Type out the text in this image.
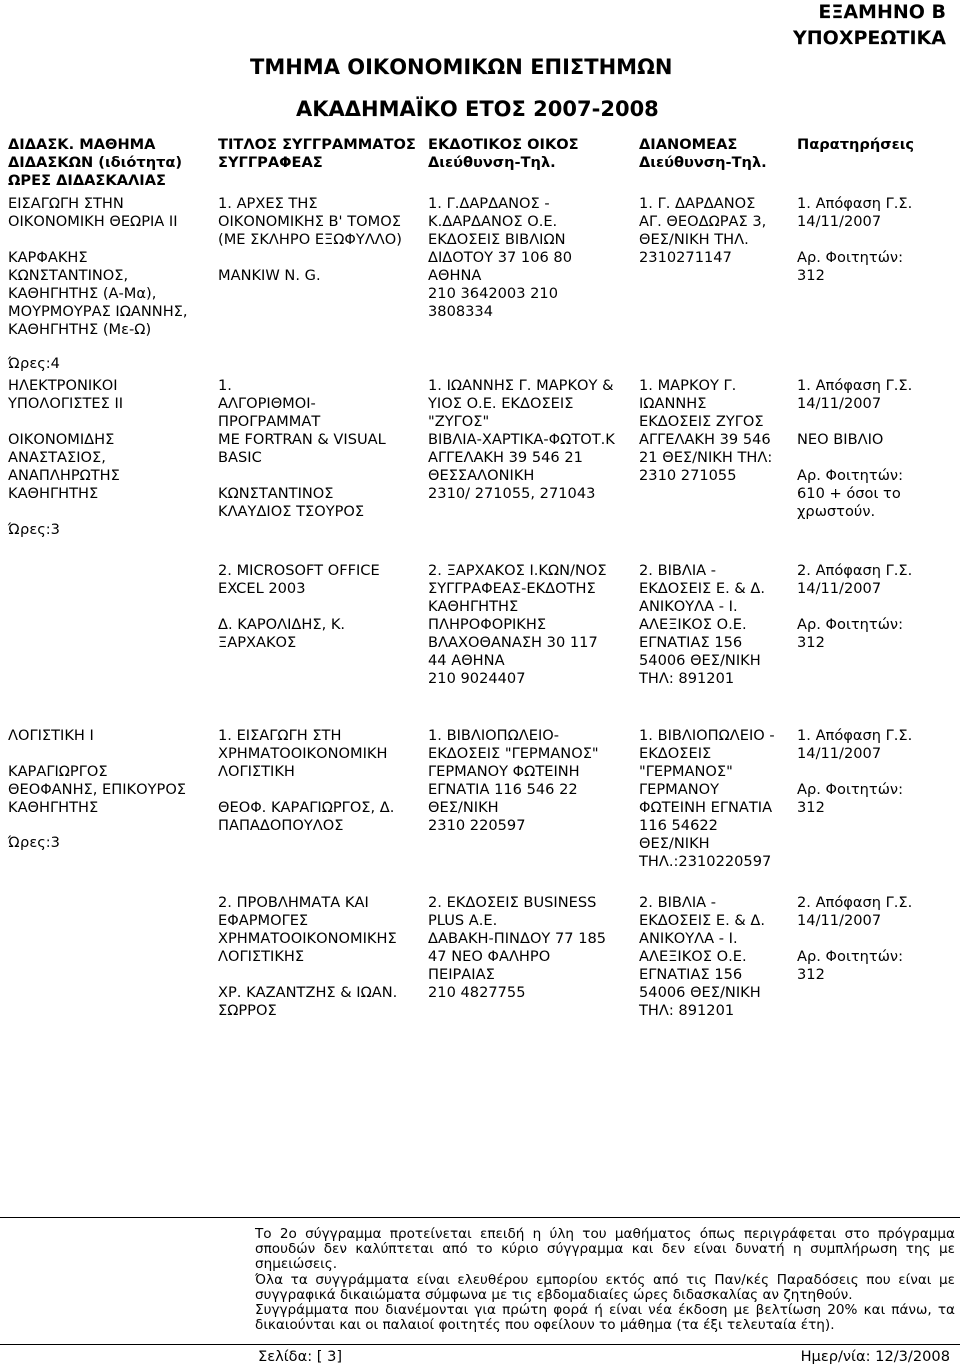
ΕΞΑΜΗΝΟ Β
ΥΠΟΧΡΕΩΤΙΚΑ
ΤΜΗΜΑ ΟΙΚΟΝΟΜΙΚΩΝ ΕΠΙΣΤΗΜΩΝ
ΑΚΑΔΗΜΑΪΚΟ ΕΤΟΣ 2007-2008
ΔΙΔΑΣΚ. ΜΑΘΗΜΑ
ΔΙΔΑΣΚΩΝ (ιδιότητα)
ΩΡΕΣ ΔΙΔΑΣΚΑΛΙΑΣ
ΤΙΤΛΟΣ ΣΥΓΓΡΑΜΜΑΤΟΣ
ΣΥΓΓΡΑΦΕΑΣ
ΕΚΔΟΤΙΚΟΣ ΟΙΚΟΣ
Διεύθυνση-Τηλ.
ΔΙΑΝΟΜΕΑΣ
Διεύθυνση-Τηλ.
Παρατηρήσεις
ΕΙΣΑΓΩΓΗ ΣΤΗΝ
ΟΙΚΟΝΟΜΙΚΗ ΘΕΩΡΙΑ ΙΙ

ΚΑΡΦΑΚΗΣ
ΚΩΝΣΤΑΝΤΙΝΟΣ,
ΚΑΘΗΓΗΤΗΣ (Α-Μα),
ΜΟΥΡΜΟΥΡΑΣ ΙΩΑΝΝΗΣ,
ΚΑΘΗΓΗΤΗΣ (Με-Ω)
Ώρες:4
1. ΑΡΧΕΣ ΤΗΣ
ΟΙΚΟΝΟΜΙΚΗΣ Β' ΤΟΜΟΣ
(ΜΕ ΣΚΛΗΡΟ ΕΞΩΦΥΛΛΟ)

MANKIW N. G.
1. Γ.ΔΑΡΔΑΝΟΣ -
Κ.ΔΑΡΔΑΝΟΣ Ο.Ε.
ΕΚΔΟΣΕΙΣ ΒΙΒΛΙΩΝ
ΔΙΔΟΤΟΥ 37 106 80
ΑΘΗΝΑ
210 3642003 210
3808334
1. Γ. ΔΑΡΔΑΝΟΣ
ΑΓ. ΘΕΟΔΩΡΑΣ 3,
ΘΕΣ/ΝΙΚΗ ΤΗΛ.
2310271147
1. Απόφαση Γ.Σ.
14/11/2007

Αρ. Φοιτητών:
312
ΗΛΕΚΤΡΟΝΙΚΟΙ
ΥΠΟΛΟΓΙΣΤΕΣ ΙΙ

ΟΙΚΟΝΟΜΙΔΗΣ
ΑΝΑΣΤΑΣΙΟΣ,
ΑΝΑΠΛΗΡΩΤΗΣ
ΚΑΘΗΓΗΤΗΣ
Ώρες:3
1.
ΑΛΓΟΡΙΘΜΟΙ-ΠΡΟΓΡΑΜΜΑΤ
ΜΕ FORTRAN & VISUAL
BASIC

ΚΩΝΣΤΑΝΤΙΝΟΣ
ΚΛΑΥΔΙΟΣ ΤΣΟΥΡΟΣ
1. ΙΩΑΝΝΗΣ Γ. ΜΑΡΚΟΥ &
ΥΙΟΣ Ο.Ε. ΕΚΔΟΣΕΙΣ
"ΖΥΓΟΣ"
ΒΙΒΛΙΑ-ΧΑΡΤΙΚΑ-ΦΩΤΟΤ.Κ
ΑΓΓΕΛΑΚΗ 39 546 21
ΘΕΣΣΑΛΟΝΙΚΗ
2310/ 271055, 271043
1. ΜΑΡΚΟΥ Γ.
ΙΩΑΝΝΗΣ
ΕΚΔΟΣΕΙΣ ΖΥΓΟΣ
ΑΓΓΕΛΑΚΗ 39 546
21 ΘΕΣ/ΝΙΚΗ ΤΗΛ:
2310 271055
1. Απόφαση Γ.Σ.
14/11/2007

ΝΕΟ ΒΙΒΛΙΟ

Αρ. Φοιτητών:
610 + όσοι το
χρωστούν.
2. MICROSOFT OFFICE
EXCEL 2003

Δ. ΚΑΡΟΛΙΔΗΣ, Κ.
ΞΑΡΧΑΚΟΣ
2. ΞΑΡΧΑΚΟΣ Ι.ΚΩΝ/ΝΟΣ
ΣΥΓΓΡΑΦΕΑΣ-ΕΚΔΟΤΗΣ
ΚΑΘΗΓΗΤΗΣ
ΠΛΗΡΟΦΟΡΙΚΗΣ
ΒΛΑΧΟΘΑΝΑΣΗ 30 117
44 ΑΘΗΝΑ
210 9024407
2. ΒΙΒΛΙΑ -
ΕΚΔΟΣΕΙΣ Ε. & Δ.
ΑΝΙΚΟΥΛΑ - Ι.
ΑΛΕΞΙΚΟΣ Ο.Ε.
ΕΓΝΑΤΙΑΣ 156
54006 ΘΕΣ/ΝΙΚΗ
ΤΗΛ: 891201
2. Απόφαση Γ.Σ.
14/11/2007

Αρ. Φοιτητών:
312
ΛΟΓΙΣΤΙΚΗ Ι

ΚΑΡΑΓΙΩΡΓΟΣ
ΘΕΟΦΑΝΗΣ, ΕΠΙΚΟΥΡΟΣ
ΚΑΘΗΓΗΤΗΣ
Ώρες:3
1. ΕΙΣΑΓΩΓΗ ΣΤΗ
ΧΡΗΜΑΤΟΟΙΚΟΝΟΜΙΚΗ
ΛΟΓΙΣΤΙΚΗ

ΘΕΟΦ. ΚΑΡΑΓΙΩΡΓΟΣ, Δ.
ΠΑΠΑΔΟΠΟΥΛΟΣ
1. ΒΙΒΛΙΟΠΩΛΕΙΟ-
ΕΚΔΟΣΕΙΣ "ΓΕΡΜΑΝΟΣ"
ΓΕΡΜΑΝΟΥ ΦΩΤΕΙΝΗ
ΕΓΝΑΤΙΑ 116 546 22
ΘΕΣ/ΝΙΚΗ
2310 220597
1. ΒΙΒΛΙΟΠΩΛΕΙΟ -
ΕΚΔΟΣΕΙΣ
"ΓΕΡΜΑΝΟΣ"
ΓΕΡΜΑΝΟΥ
ΦΩΤΕΙΝΗ ΕΓΝΑΤΙΑ
116 54622
ΘΕΣ/ΝΙΚΗ
ΤΗΛ.:2310220597
1. Απόφαση Γ.Σ.
14/11/2007

Αρ. Φοιτητών:
312
2. ΠΡΟΒΛΗΜΑΤΑ ΚΑΙ
ΕΦΑΡΜΟΓΕΣ
ΧΡΗΜΑΤΟΟΙΚΟΝΟΜΙΚΗΣ
ΛΟΓΙΣΤΙΚΗΣ

ΧΡ. ΚΑΖΑΝΤΖΗΣ & ΙΩΑΝ.
ΣΩΡΡΟΣ
2. ΕΚΔΟΣΕΙΣ BUSINESS
PLUS Α.Ε.
ΔΑΒΑΚΗ-ΠΙΝΔΟΥ 77 185
47 ΝΕΟ ΦΑΛΗΡΟ
ΠΕΙΡΑΙΑΣ
210 4827755
2. ΒΙΒΛΙΑ -
ΕΚΔΟΣΕΙΣ Ε. & Δ.
ΑΝΙΚΟΥΛΑ - Ι.
ΑΛΕΞΙΚΟΣ Ο.Ε.
ΕΓΝΑΤΙΑΣ 156
54006 ΘΕΣ/ΝΙΚΗ
ΤΗΛ: 891201
2. Απόφαση Γ.Σ.
14/11/2007

Αρ. Φοιτητών:
312
Το 2ο σύγγραμμα προτείνεται επειδή η ύλη του μαθήματος όπως περιγράφεται στο πρόγραμμα σπουδών δεν καλύπτεται από το κύριο σύγγραμμα και δεν είναι δυνατή η συμπλήρωση της με σημειώσεις.
Όλα τα συγγράμματα είναι ελευθέρου εμπορίου εκτός από τις Παν/κές Παραδόσεις που είναι με συγγραφικά δικαιώματα σύμφωνα με τις εβδομαδιαίες ώρες διδασκαλίας αν ζητηθούν.
Συγγράμματα που διανέμονται για πρώτη φορά ή είναι νέα έκδοση με βελτίωση 20% και πάνω, τα δικαιούνται και οι παλαιοί φοιτητές που οφείλουν το μάθημα (τα έξι τελευταία έτη).
Σελίδα: [ 3]	Ημερ/νία: 12/3/2008
